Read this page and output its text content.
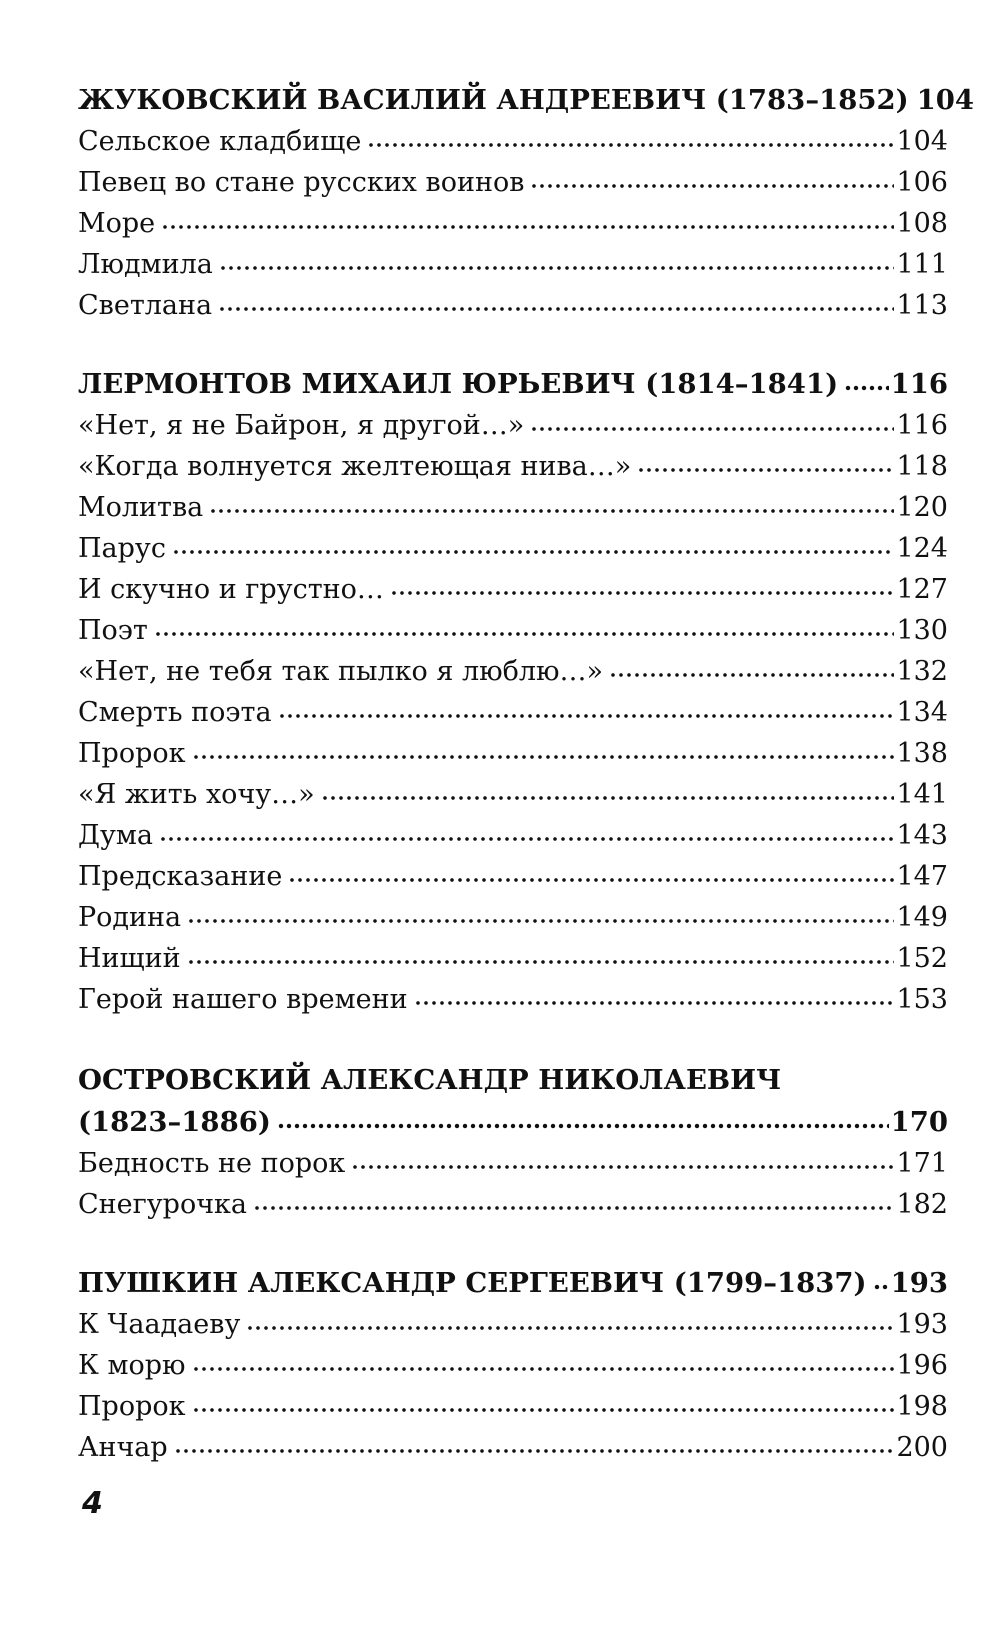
ЖУКОВСКИЙ ВАСИЛИЙ АНДРЕЕВИЧ (1783–1852) 104
Сельское кладбище	104
Певец во стане русских воинов	106
Море	108
Людмила	111
Светлана	113
ЛЕРМОНТОВ МИХАИЛ ЮРЬЕВИЧ (1814–1841) 116
«Нет, я не Байрон, я другой…»	116
«Когда волнуется желтеющая нива…»	118
Молитва	120
Парус	124
И скучно и грустно…	127
Поэт	130
«Нет, не тебя так пылко я люблю…»	132
Смерть поэта	134
Пророк	138
«Я жить хочу…»	141
Дума	143
Предсказание	147
Родина	149
Нищий	152
Герой нашего времени	153
ОСТРОВСКИЙ АЛЕКСАНДР НИКОЛАЕВИЧ
(1823–1886)	170
Бедность не порок	171
Снегурочка	182
ПУШКИН АЛЕКСАНДР СЕРГЕЕВИЧ (1799–1837) 193
К Чаадаеву	193
К морю	196
Пророк	198
Анчар	200
4
